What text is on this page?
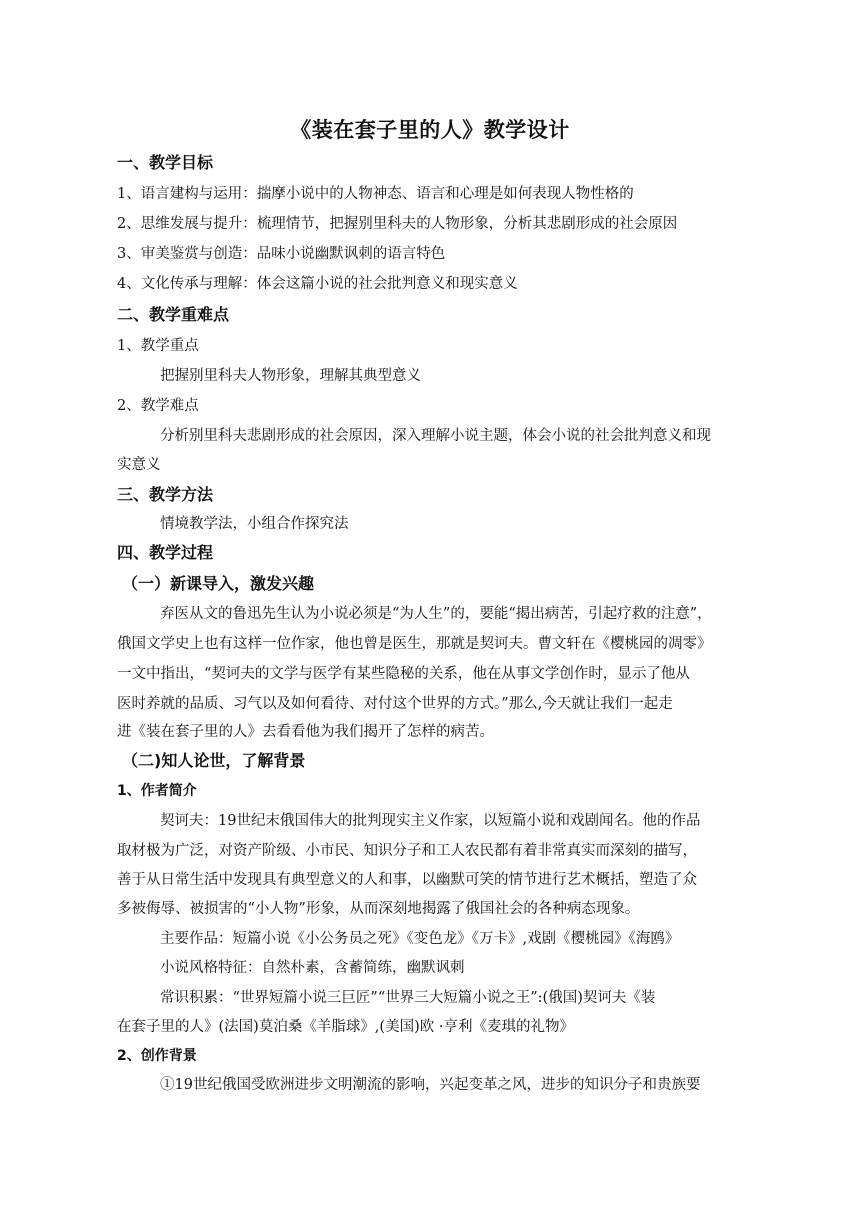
《装在套子里的人》教学设计
一、教学目标
1、语言建构与运用：揣摩小说中的人物神态、语言和心理是如何表现人物性格的
2、思维发展与提升：梳理情节，把握别里科夫的人物形象，分析其悲剧形成的社会原因
3、审美鉴赏与创造：品味小说幽默讽刺的语言特色
4、文化传承与理解：体会这篇小说的社会批判意义和现实意义
二、教学重难点
1、教学重点
把握别里科夫人物形象，理解其典型意义
2、教学难点
分析别里科夫悲剧形成的社会原因，深入理解小说主题，体会小说的社会批判意义和现
实意义
三、教学方法
情境教学法，小组合作探究法
四、教学过程
（一）新课导入，激发兴趣
弃医从文的鲁迅先生认为小说必须是“为人生”的，要能“揭出病苦，引起疗救的注意”，
俄国文学史上也有这样一位作家，他也曾是医生，那就是契诃夫。曹文轩在《樱桃园的凋零》
一文中指出，“契诃夫的文学与医学有某些隐秘的关系，他在从事文学创作时，显示了他从
医时养就的品质、习气以及如何看待、对付这个世界的方式。”那么,今天就让我们一起走
进《装在套子里的人》去看看他为我们揭开了怎样的病苦。
（二)知人论世，了解背景
1、作者简介
契诃夫：19世纪末俄国伟大的批判现实主义作家，以短篇小说和戏剧闻名。他的作品
取材极为广泛，对资产阶级、小市民、知识分子和工人农民都有着非常真实而深刻的描写，
善于从日常生活中发现具有典型意义的人和事，以幽默可笑的情节进行艺术概括，塑造了众
多被侮辱、被损害的“小人物”形象，从而深刻地揭露了俄国社会的各种病态现象。
主要作品：短篇小说《小公务员之死》《变色龙》《万卡》,戏剧《樱桃园》《海鸥》
小说风格特征：自然朴素，含蓄简练，幽默讽刺
常识积累：“世界短篇小说三巨匠”“世界三大短篇小说之王”:(俄国)契诃夫《装
在套子里的人》(法国)莫泊桑《羊脂球》,(美国)欧 ·亨利《麦琪的礼物》
2、创作背景
①19世纪俄国受欧洲进步文明潮流的影响，兴起变革之风，进步的知识分子和贵族要
